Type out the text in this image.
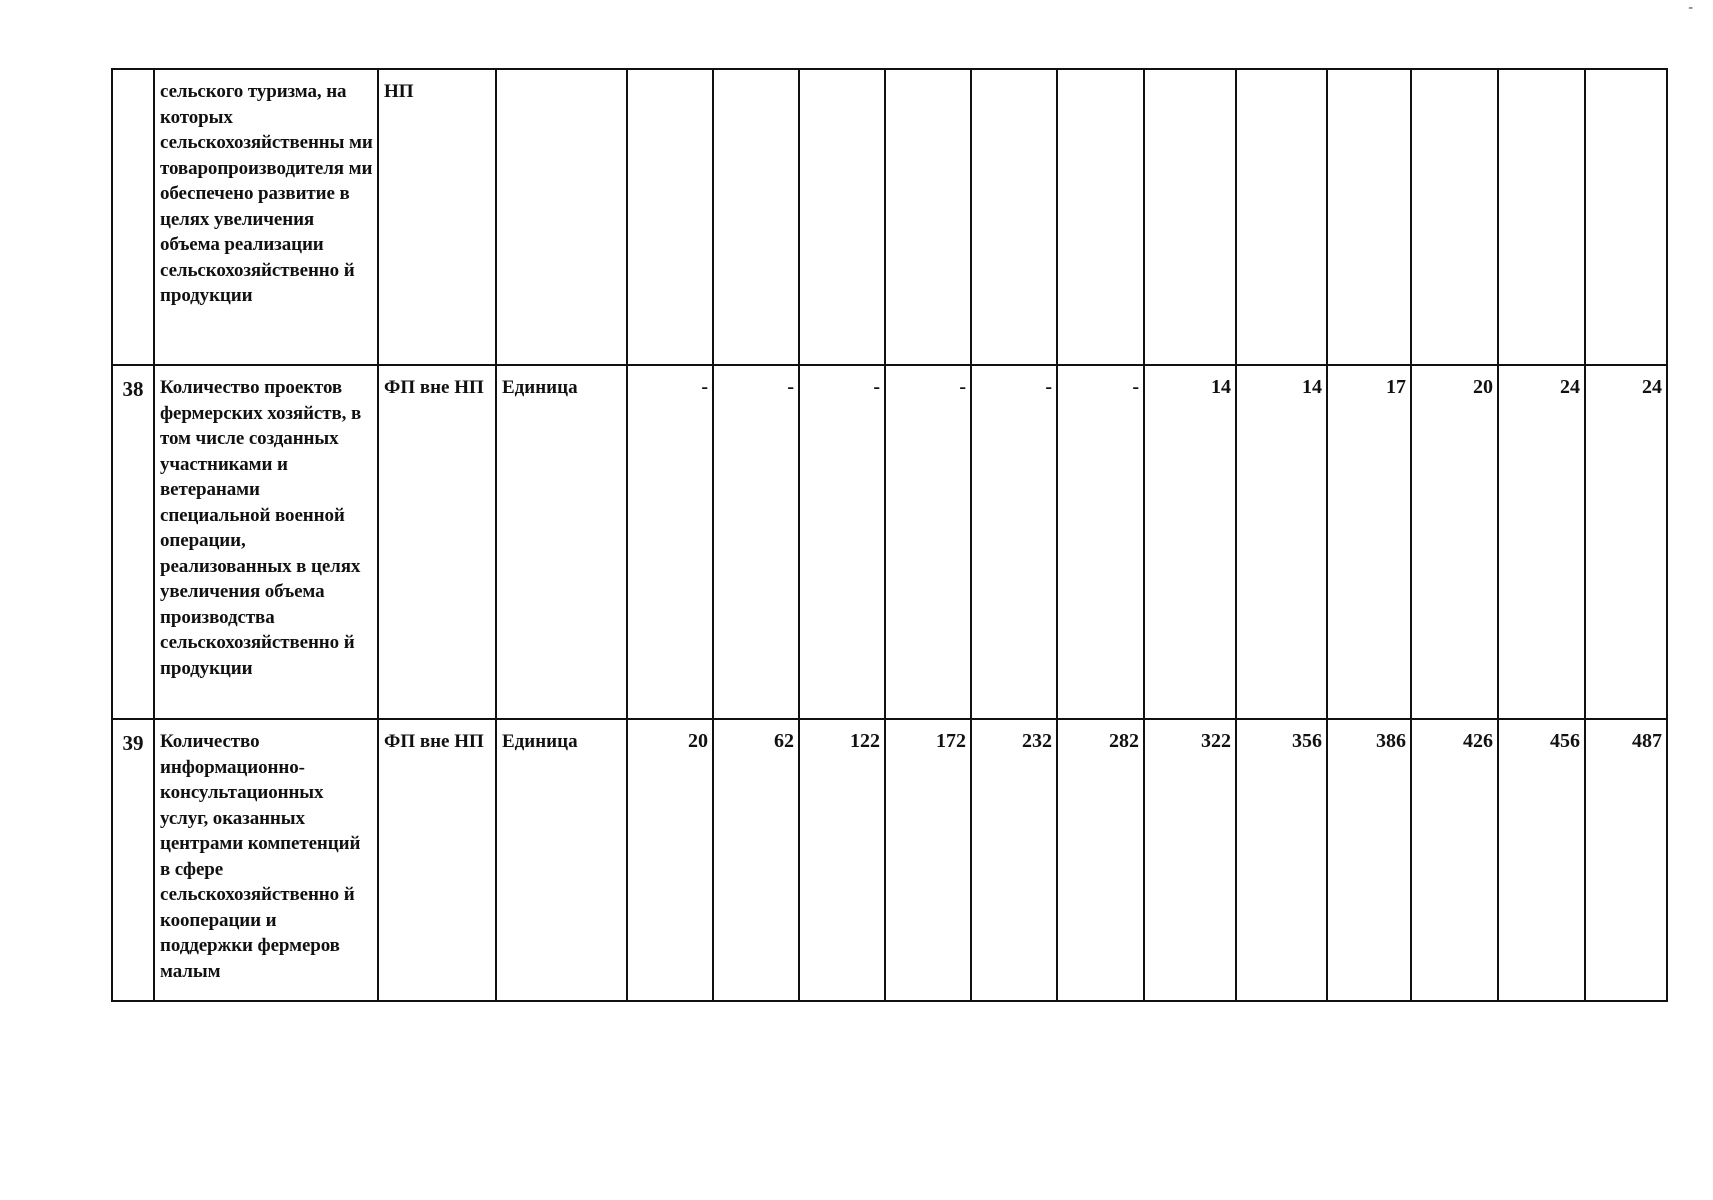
-
	сельского туризма, на которых сельскохозяйственны ми товаропроизводителя ми обеспечено развитие в целях увеличения объема реализации сельскохозяйственно й продукции	НП													
38	Количество проектов фермерских хозяйств, в том числе созданных участниками и ветеранами специальной военной операции, реализованных в целях увеличения объема производства сельскохозяйственно й продукции	ФП вне НП	Единица	-	-	-	-	-	-	14	14	17	20	24	24
39	Количество информационно-консультационных услуг, оказанных центрами компетенций в сфере сельскохозяйственно й кооперации и поддержки фермеров малым	ФП вне НП	Единица	20	62	122	172	232	282	322	356	386	426	456	487
